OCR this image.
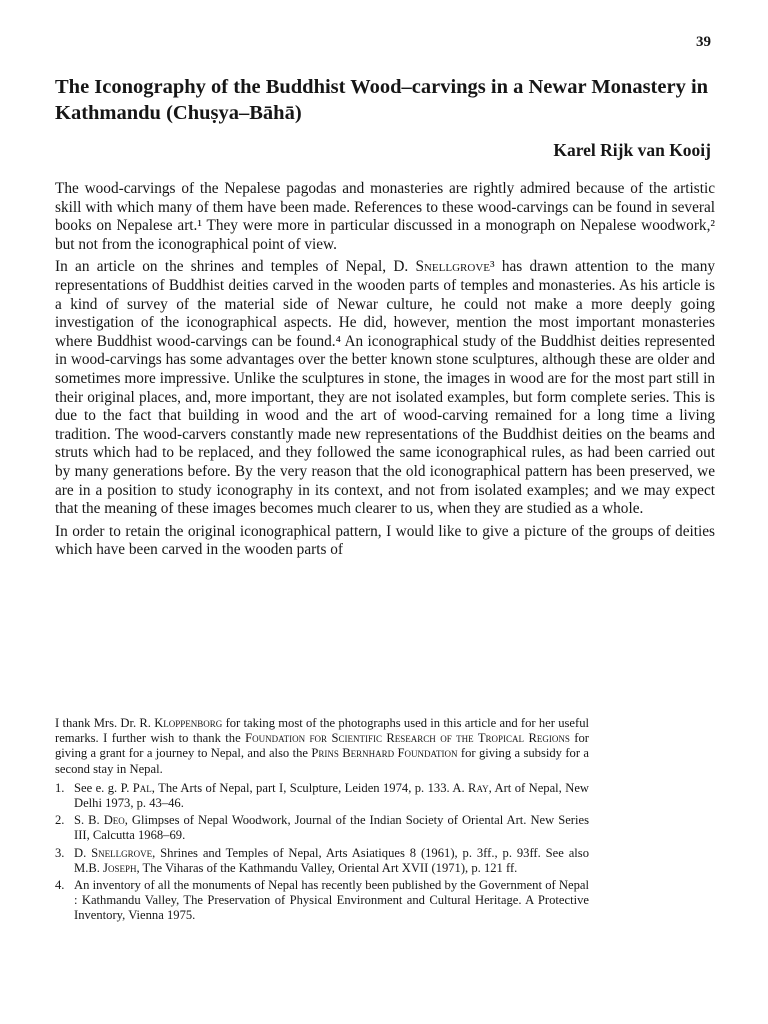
39
The Iconography of the Buddhist Wood–carvings in a Newar Monastery in Kathmandu (Chuṣya–Bāhā)
Karel Rijk van Kooij

The wood-carvings of the Nepalese pagodas and monasteries are rightly admired because of the artistic skill with which many of them have been made. References to these wood-carvings can be found in several books on Nepalese art.¹ They were more in particular discussed in a monograph on Nepalese woodwork,² but not from the iconographical point of view.

In an article on the shrines and temples of Nepal, D. Snellgrove³ has drawn attention to the many representations of Buddhist deities carved in the wooden parts of temples and monasteries. As his article is a kind of survey of the material side of Newar culture, he could not make a more deeply going investigation of the iconographical aspects. He did, however, mention the most important monasteries where Buddhist wood-carvings can be found.⁴ An iconographical study of the Buddhist deities represented in wood-carvings has some advantages over the better known stone sculptures, although these are older and sometimes more impressive. Unlike the sculptures in stone, the images in wood are for the most part still in their original places, and, more important, they are not isolated examples, but form complete series. This is due to the fact that building in wood and the art of wood-carving remained for a long time a living tradition. The wood-carvers constantly made new representations of the Buddhist deities on the beams and struts which had to be replaced, and they followed the same iconographical rules, as had been carried out by many generations before. By the very reason that the old iconographical pattern has been preserved, we are in a position to study iconography in its context, and not from isolated examples; and we may expect that the meaning of these images becomes much clearer to us, when they are studied as a whole.

In order to retain the original iconographical pattern, I would like to give a picture of the groups of deities which have been carved in the wooden parts of

I thank Mrs. Dr. R. Kloppenborg for taking most of the photographs used in this article and for her useful remarks. I further wish to thank the Foundation for Scientific Research of the Tropical Regions for giving a grant for a journey to Nepal, and also the Prins Bernhard Foundation for giving a subsidy for a second stay in Nepal.

1. See e. g. P. Pal, The Arts of Nepal, part I, Sculpture, Leiden 1974, p. 133. A. Ray, Art of Nepal, New Delhi 1973, p. 43–46.
2. S. B. Deo, Glimpses of Nepal Woodwork, Journal of the Indian Society of Oriental Art. New Series III, Calcutta 1968–69.
3. D. Snellgrove, Shrines and Temples of Nepal, Arts Asiatiques 8 (1961), p. 3ff., p. 93ff. See also M.B. Joseph, The Viharas of the Kathmandu Valley, Oriental Art XVII (1971), p. 121 ff.
4. An inventory of all the monuments of Nepal has recently been published by the Government of Nepal : Kathmandu Valley, The Preservation of Physical Environment and Cultural Heritage. A Protective Inventory, Vienna 1975.
